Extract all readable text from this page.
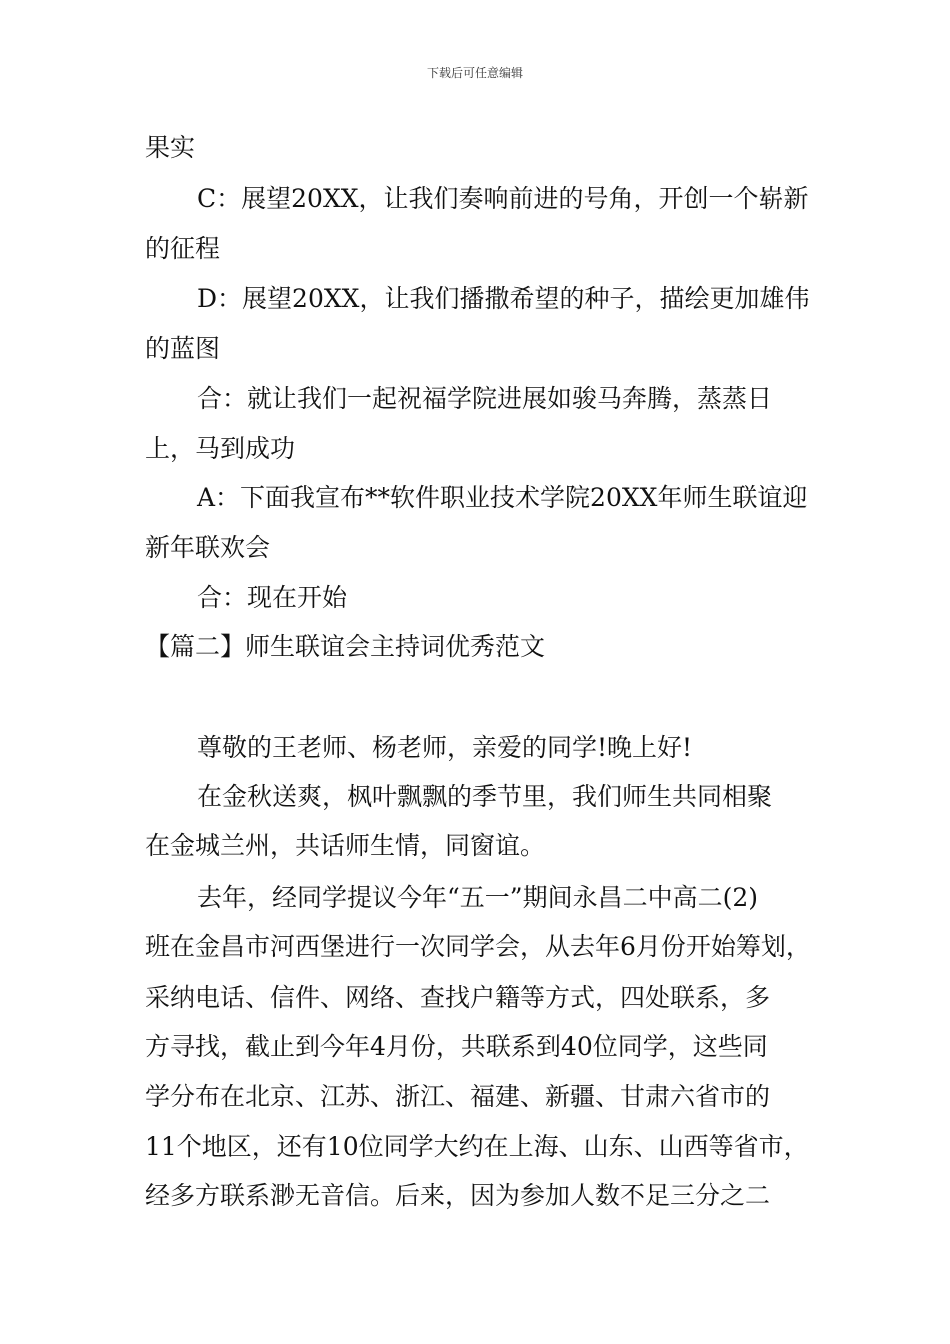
下载后可任意编辑
果实
C：展望20XX，让我们奏响前进的号角，开创一个崭新
的征程
D：展望20XX，让我们播撒希望的种子，描绘更加雄伟
的蓝图
合：就让我们一起祝福学院进展如骏马奔腾，蒸蒸日
上，马到成功
A：下面我宣布**软件职业技术学院20XX年师生联谊迎
新年联欢会
合：现在开始
【篇二】师生联谊会主持词优秀范文
尊敬的王老师、杨老师，亲爱的同学!晚上好!
在金秋送爽，枫叶飘飘的季节里，我们师生共同相聚
在金城兰州，共话师生情，同窗谊。
去年，经同学提议今年“五一”期间永昌二中高二(2)
班在金昌市河西堡进行一次同学会，从去年6月份开始筹划，
采纳电话、信件、网络、查找户籍等方式，四处联系，多
方寻找，截止到今年4月份，共联系到40位同学，这些同
学分布在北京、江苏、浙江、福建、新疆、甘肃六省市的
11个地区，还有10位同学大约在上海、山东、山西等省市，
经多方联系渺无音信。后来，因为参加人数不足三分之二
